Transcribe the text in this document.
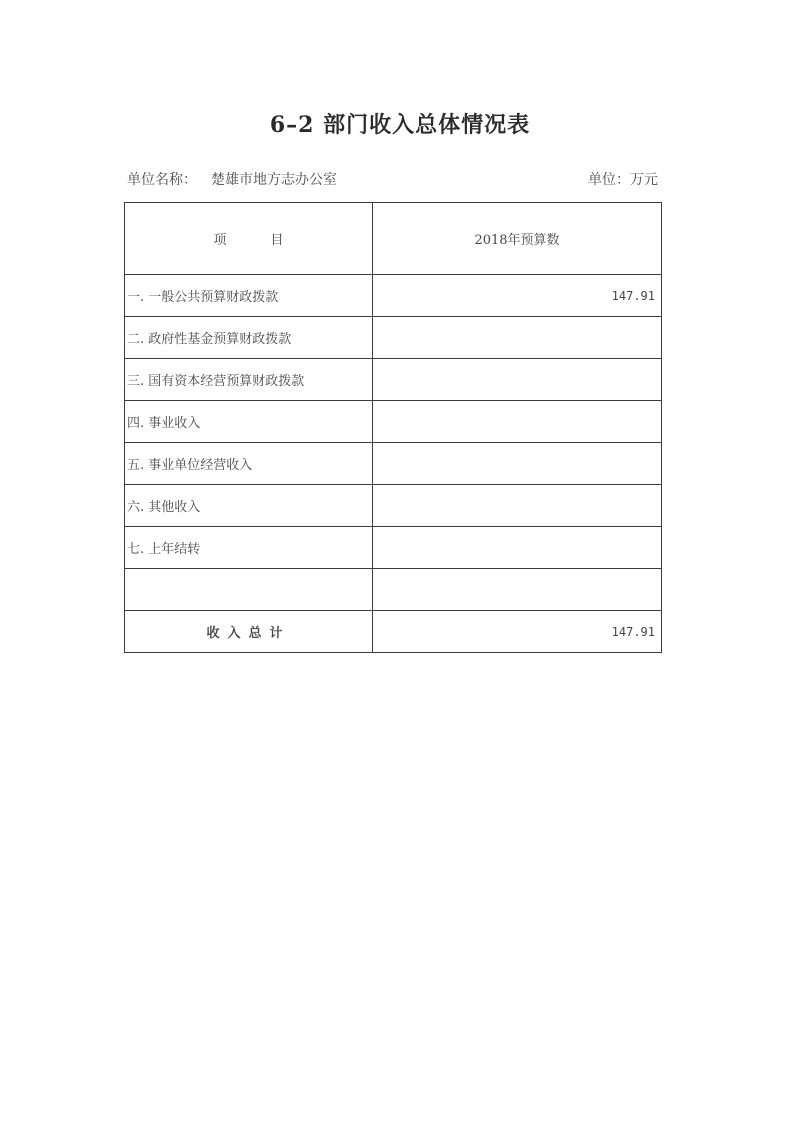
6–2 部门收入总体情况表
单位名称： 楚雄市地方志办公室	单位：万元
项 目	2018年预算数
一. 一般公共预算财政拨款	147.91
二. 政府性基金预算财政拨款	
三. 国有资本经营预算财政拨款	
四. 事业收入	
五. 事业单位经营收入	
六. 其他收入	
七. 上年结转	

收入总计	147.91
